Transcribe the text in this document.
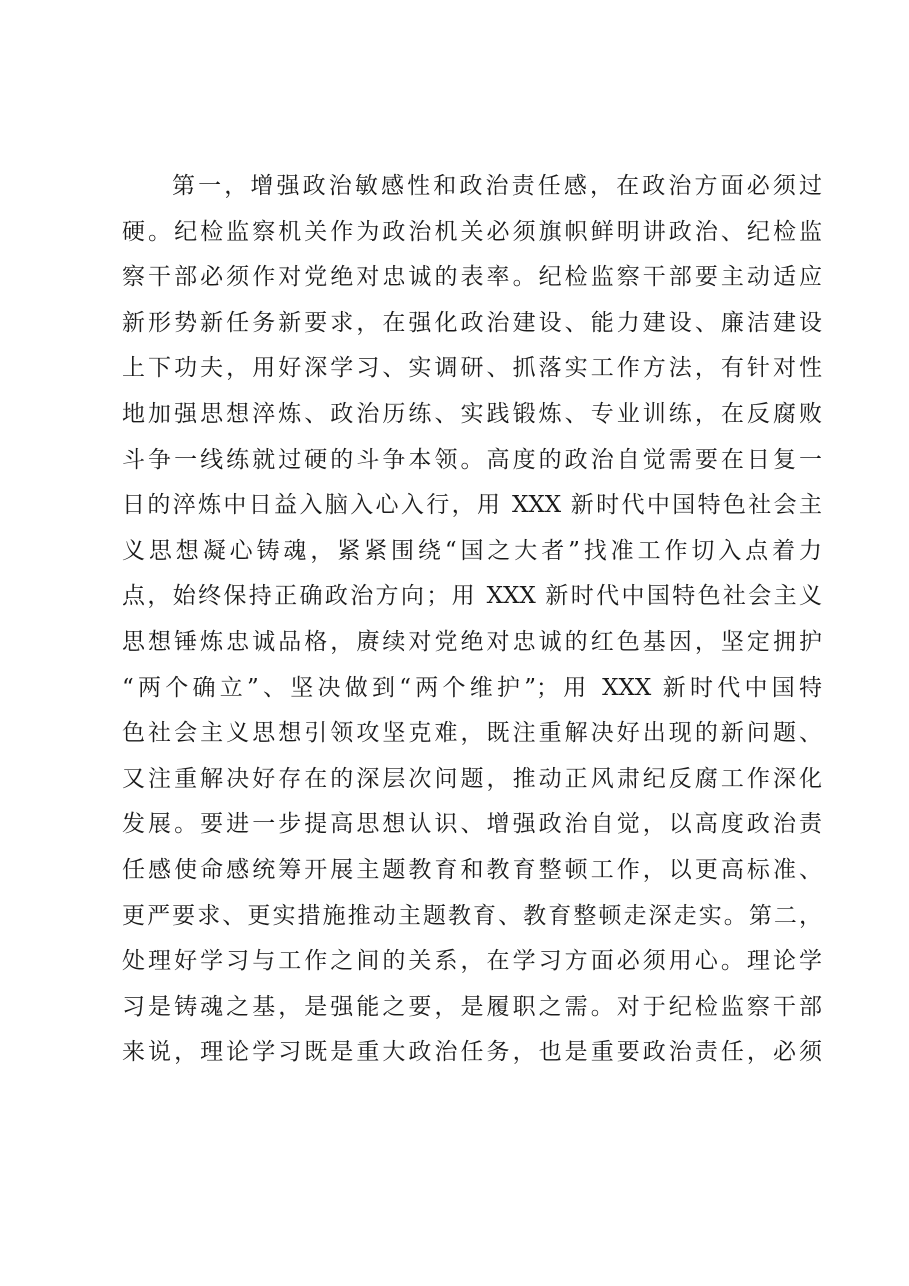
第一，增强政治敏感性和政治责任感，在政治方面必须过
硬。纪检监察机关作为政治机关必须旗帜鲜明讲政治、纪检监
察干部必须作对党绝对忠诚的表率。纪检监察干部要主动适应
新形势新任务新要求，在强化政治建设、能力建设、廉洁建设
上下功夫，用好深学习、实调研、抓落实工作方法，有针对性
地加强思想淬炼、政治历练、实践锻炼、专业训练，在反腐败
斗争一线练就过硬的斗争本领。高度的政治自觉需要在日复一
日的淬炼中日益入脑入心入行，用 XXX 新时代中国特色社会主
义思想凝心铸魂，紧紧围绕“国之大者”找准工作切入点着力
点，始终保持正确政治方向；用 XXX 新时代中国特色社会主义
思想锤炼忠诚品格，赓续对党绝对忠诚的红色基因，坚定拥护
“两个确立”、坚决做到“两个维护”；用 XXX 新时代中国特
色社会主义思想引领攻坚克难，既注重解决好出现的新问题、
又注重解决好存在的深层次问题，推动正风肃纪反腐工作深化
发展。要进一步提高思想认识、增强政治自觉，以高度政治责
任感使命感统筹开展主题教育和教育整顿工作，以更高标准、
更严要求、更实措施推动主题教育、教育整顿走深走实。第二，
处理好学习与工作之间的关系，在学习方面必须用心。理论学
习是铸魂之基，是强能之要，是履职之需。对于纪检监察干部
来说，理论学习既是重大政治任务，也是重要政治责任，必须
